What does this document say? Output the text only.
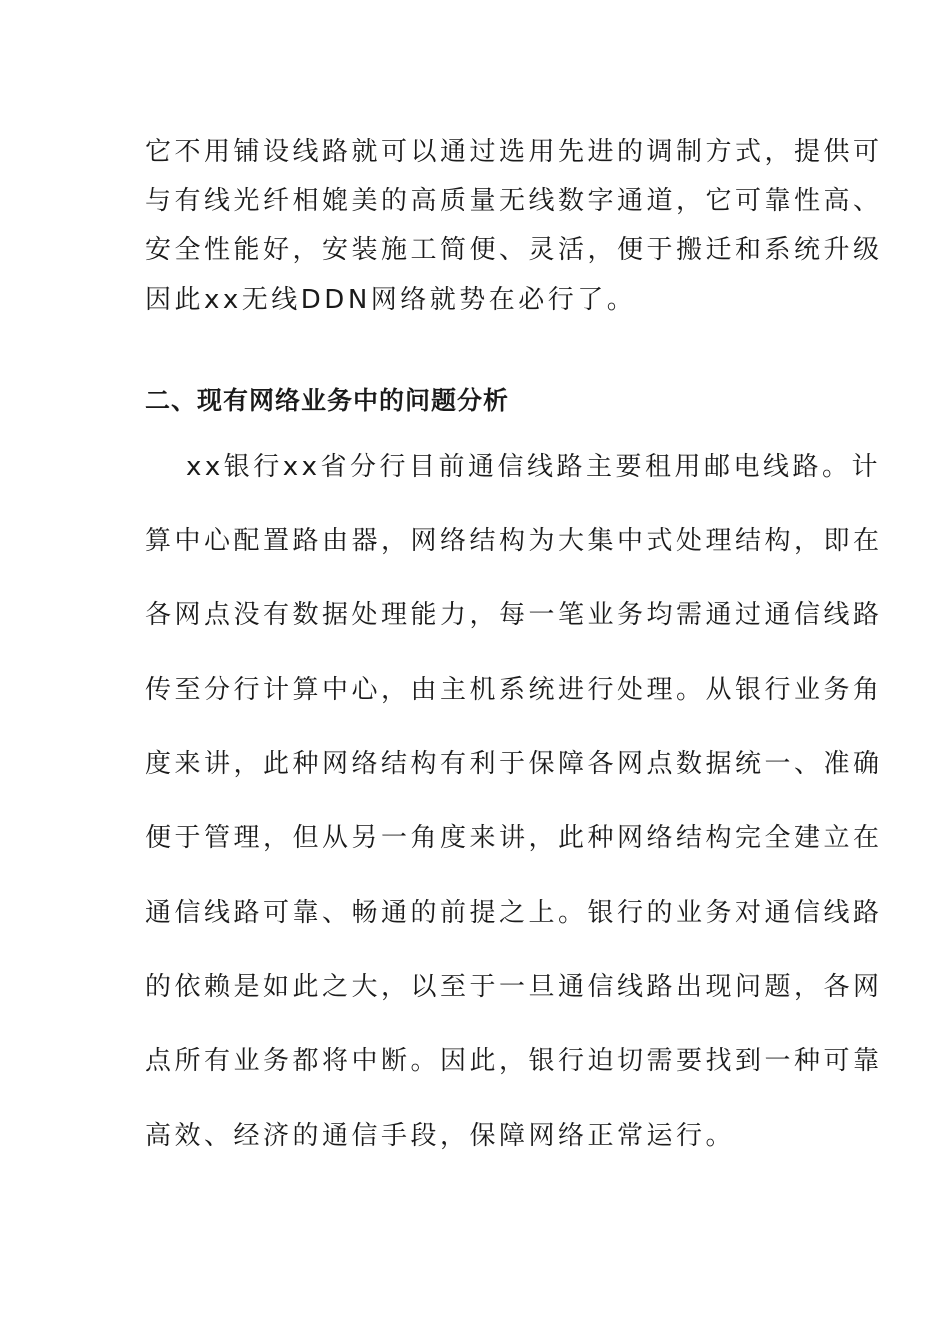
它不用铺设线路就可以通过选用先进的调制方式，提供可
与有线光纤相媲美的高质量无线数字通道，它可靠性高、
安全性能好，安装施工简便、灵活，便于搬迁和系统升级
因此xx无线DDN网络就势在必行了。
二、现有网络业务中的问题分析
xx银行xx省分行目前通信线路主要租用邮电线路。计
算中心配置路由器，网络结构为大集中式处理结构，即在
各网点没有数据处理能力，每一笔业务均需通过通信线路
传至分行计算中心，由主机系统进行处理。从银行业务角
度来讲，此种网络结构有利于保障各网点数据统一、准确
便于管理，但从另一角度来讲，此种网络结构完全建立在
通信线路可靠、畅通的前提之上。银行的业务对通信线路
的依赖是如此之大，以至于一旦通信线路出现问题，各网
点所有业务都将中断。因此，银行迫切需要找到一种可靠
高效、经济的通信手段，保障网络正常运行。
